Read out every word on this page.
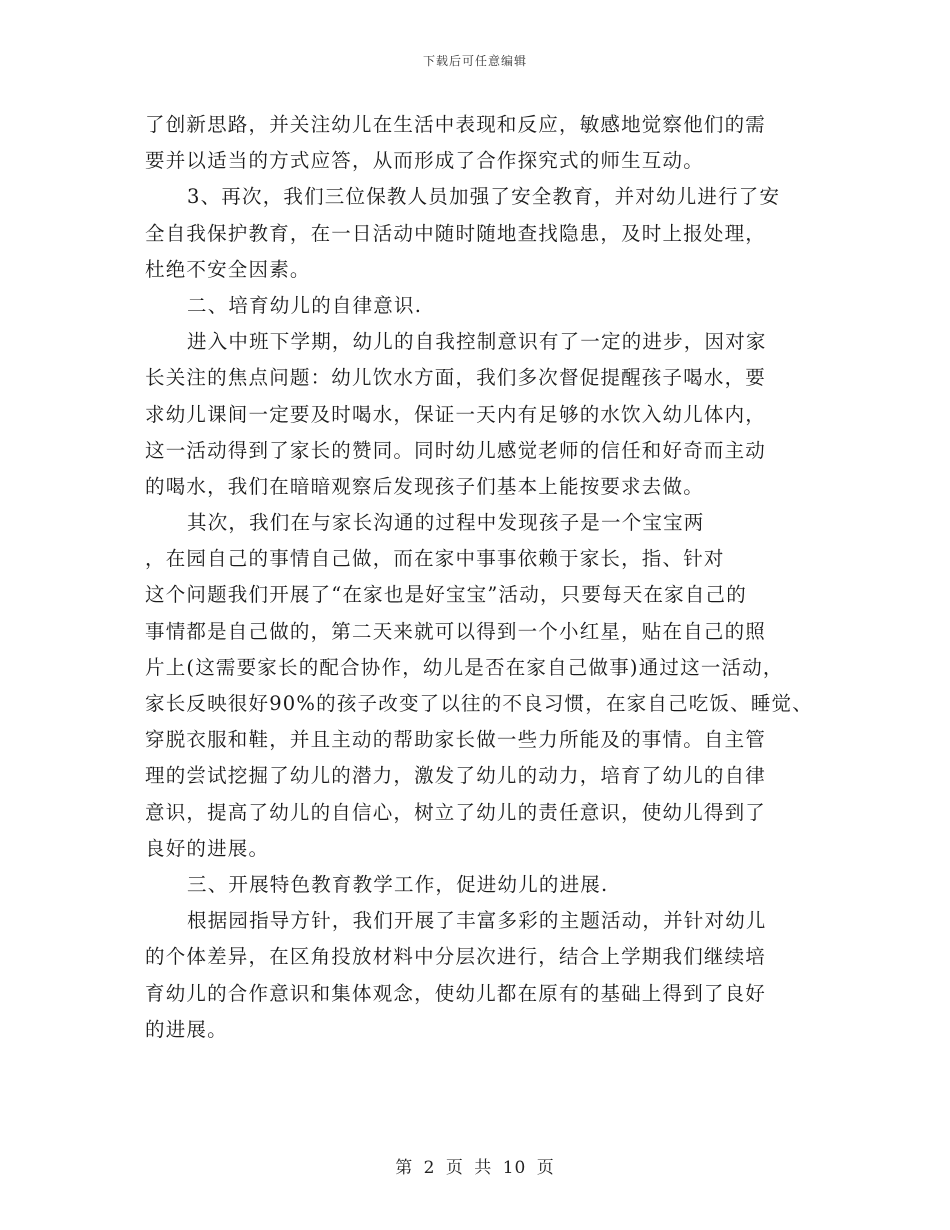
下载后可任意编辑
了创新思路，并关注幼儿在生活中表现和反应，敏感地觉察他们的需
要并以适当的方式应答，从而形成了合作探究式的师生互动。
3、再次，我们三位保教人员加强了安全教育，并对幼儿进行了安
全自我保护教育，在一日活动中随时随地查找隐患，及时上报处理，
杜绝不安全因素。
二、培育幼儿的自律意识.
进入中班下学期，幼儿的自我控制意识有了一定的进步，因对家
长关注的焦点问题：幼儿饮水方面，我们多次督促提醒孩子喝水，要
求幼儿课间一定要及时喝水，保证一天内有足够的水饮入幼儿体内，
这一活动得到了家长的赞同。同时幼儿感觉老师的信任和好奇而主动
的喝水，我们在暗暗观察后发现孩子们基本上能按要求去做。
其次，我们在与家长沟通的过程中发现孩子是一个宝宝两
，在园自己的事情自己做，而在家中事事依赖于家长，指、针对
这个问题我们开展了“在家也是好宝宝”活动，只要每天在家自己的
事情都是自己做的，第二天来就可以得到一个小红星，贴在自己的照
片上(这需要家长的配合协作，幼儿是否在家自己做事)通过这一活动，
家长反映很好90%的孩子改变了以往的不良习惯，在家自己吃饭、睡觉、
穿脱衣服和鞋，并且主动的帮助家长做一些力所能及的事情。自主管
理的尝试挖掘了幼儿的潜力，激发了幼儿的动力，培育了幼儿的自律
意识，提高了幼儿的自信心，树立了幼儿的责任意识，使幼儿得到了
良好的进展。
三、开展特色教育教学工作，促进幼儿的进展.
根据园指导方针，我们开展了丰富多彩的主题活动，并针对幼儿
的个体差异，在区角投放材料中分层次进行，结合上学期我们继续培
育幼儿的合作意识和集体观念，使幼儿都在原有的基础上得到了良好
的进展。
第 2 页 共 10 页
